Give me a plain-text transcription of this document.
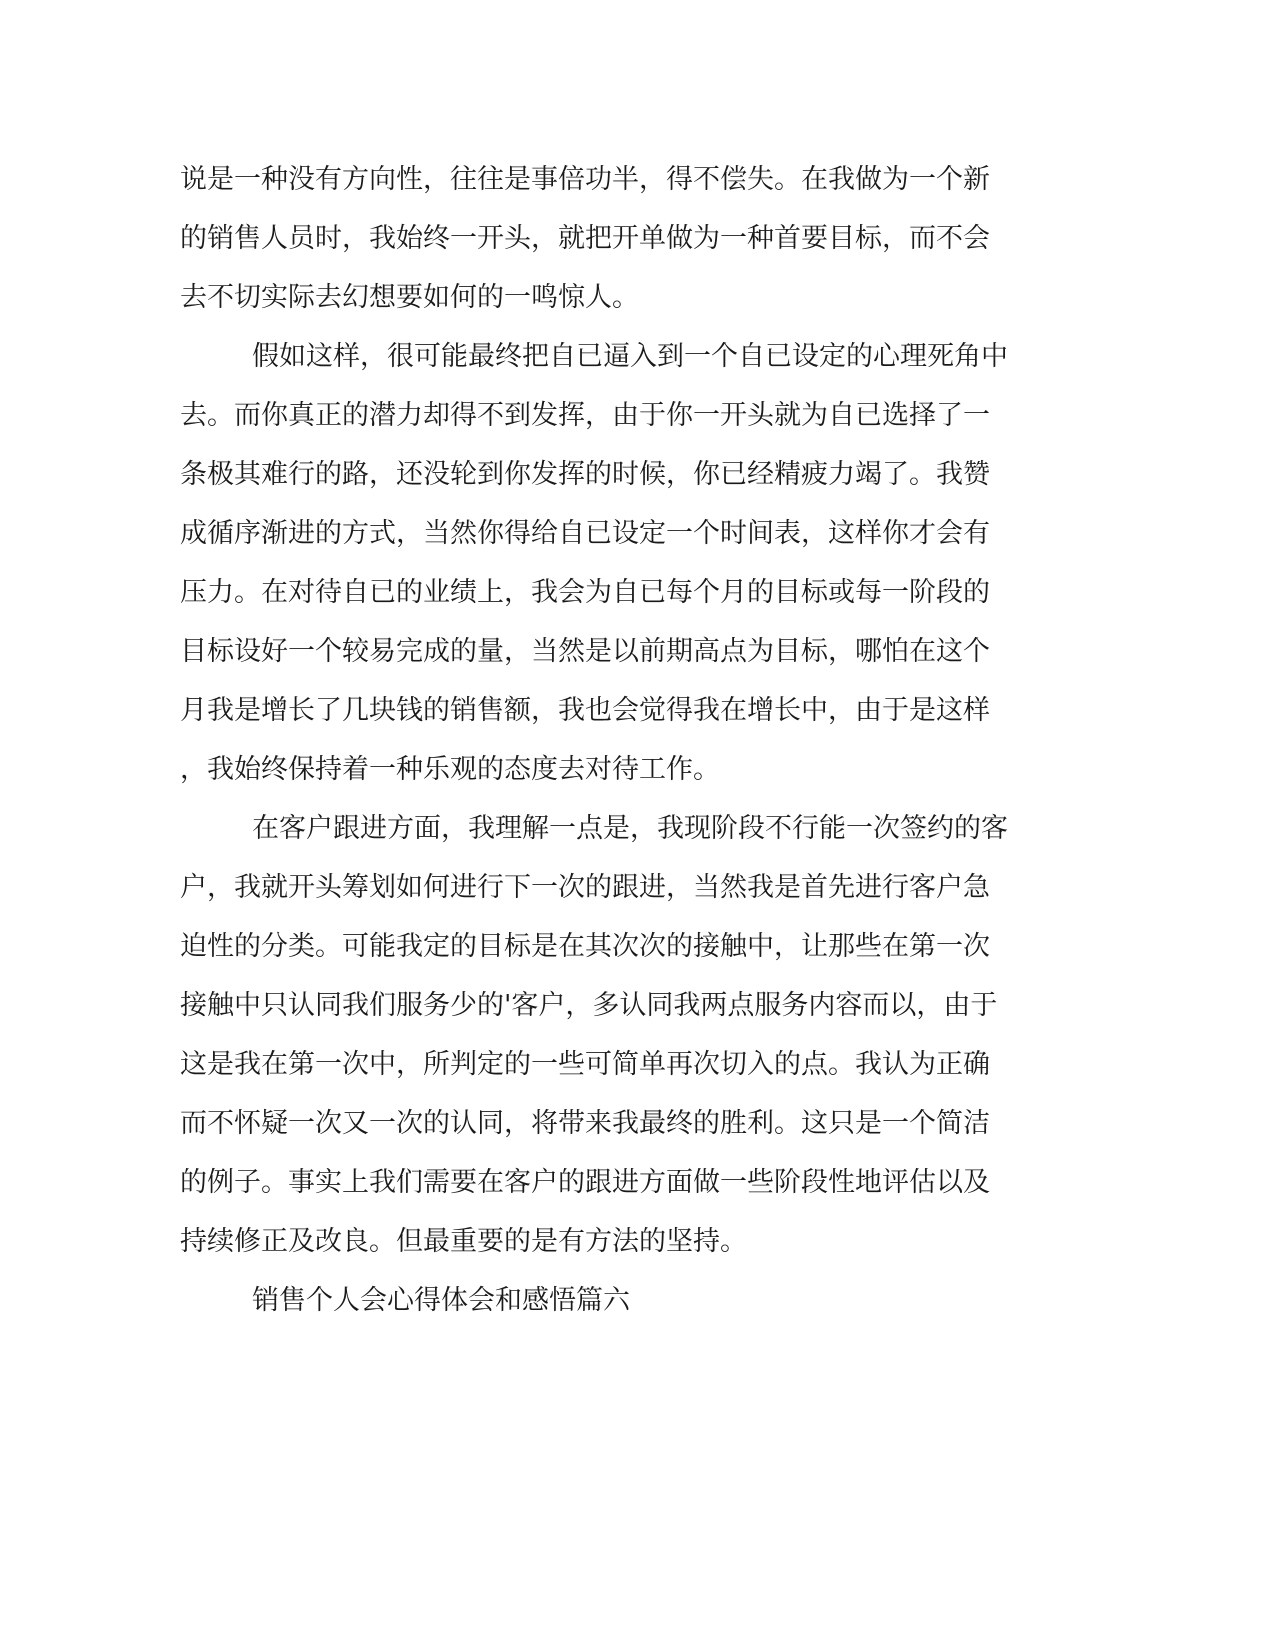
说是一种没有方向性，往往是事倍功半，得不偿失。在我做为一个新
的销售人员时，我始终一开头，就把开单做为一种首要目标，而不会
去不切实际去幻想要如何的一鸣惊人。
假如这样，很可能最终把自已逼入到一个自已设定的心理死角中
去。而你真正的潜力却得不到发挥，由于你一开头就为自已选择了一
条极其难行的路，还没轮到你发挥的时候，你已经精疲力竭了。我赞
成循序渐进的方式，当然你得给自已设定一个时间表，这样你才会有
压力。在对待自已的业绩上，我会为自已每个月的目标或每一阶段的
目标设好一个较易完成的量，当然是以前期高点为目标，哪怕在这个
月我是增长了几块钱的销售额，我也会觉得我在增长中，由于是这样
，我始终保持着一种乐观的态度去对待工作。
在客户跟进方面，我理解一点是，我现阶段不行能一次签约的客
户，我就开头筹划如何进行下一次的跟进，当然我是首先进行客户急
迫性的分类。可能我定的目标是在其次次的接触中，让那些在第一次
接触中只认同我们服务少的'客户，多认同我两点服务内容而以，由于
这是我在第一次中，所判定的一些可简单再次切入的点。我认为正确
而不怀疑一次又一次的认同，将带来我最终的胜利。这只是一个简洁
的例子。事实上我们需要在客户的跟进方面做一些阶段性地评估以及
持续修正及改良。但最重要的是有方法的坚持。
销售个人会心得体会和感悟篇六
